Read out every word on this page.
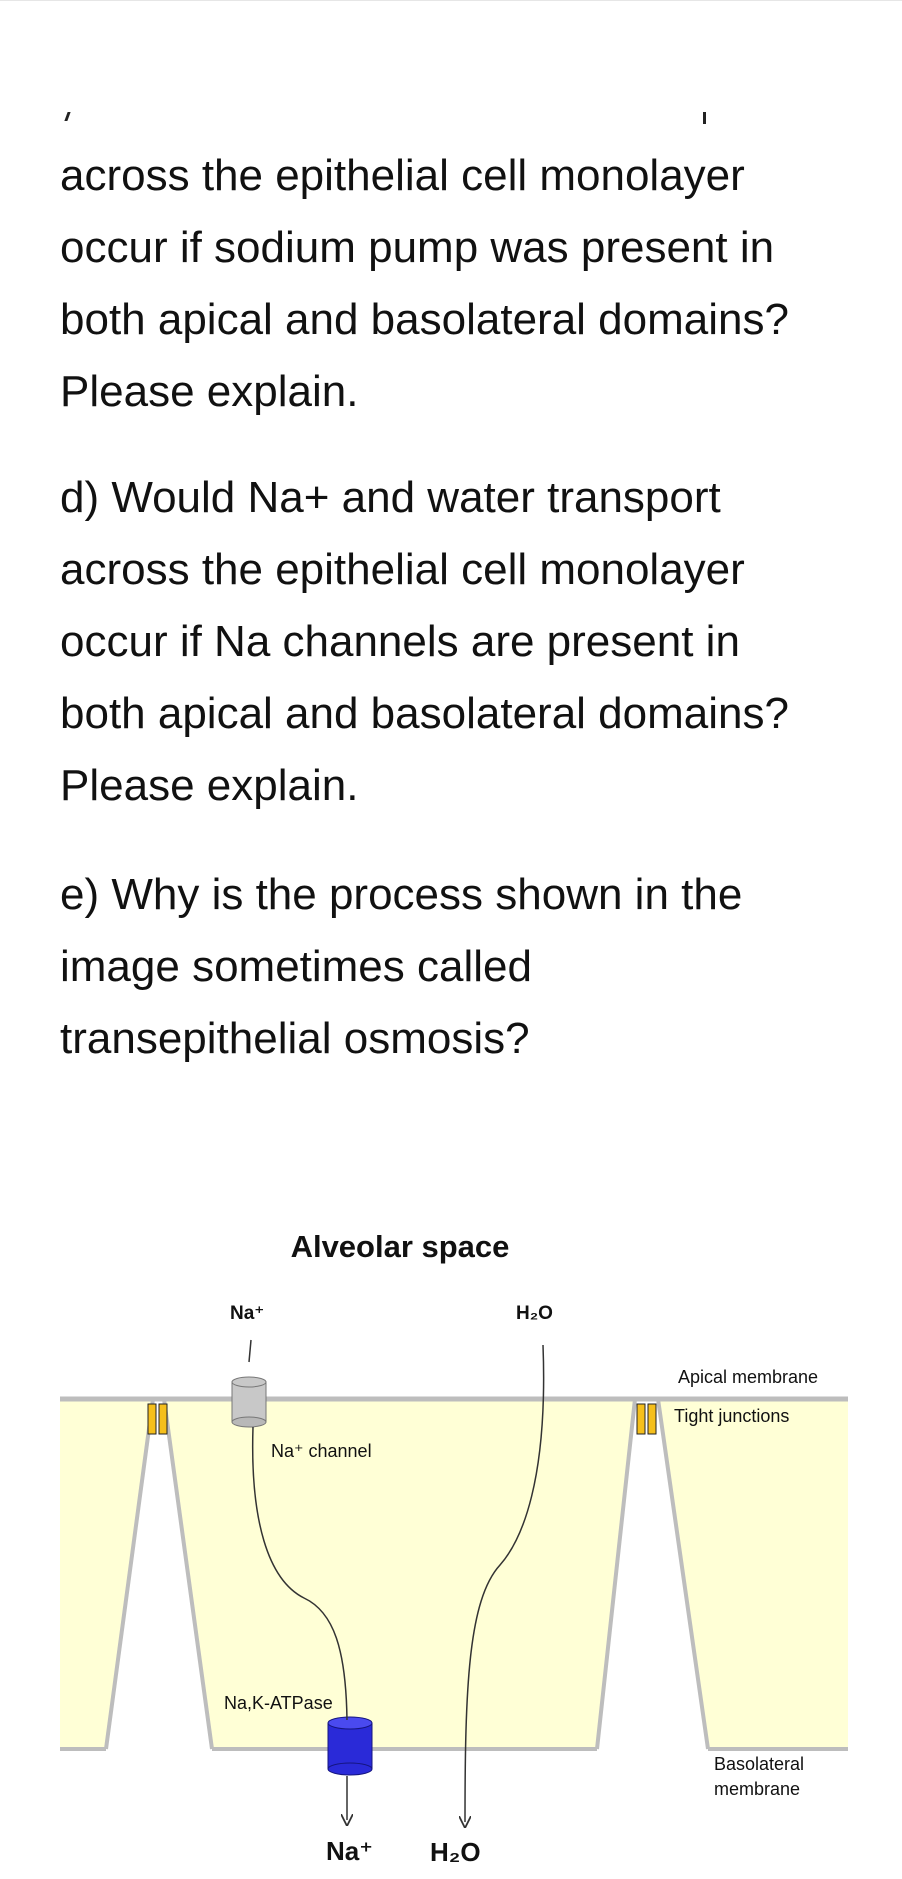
across the epithelial cell monolayer
occur if sodium pump was present in
both apical and basolateral domains?
Please explain.

d) Would Na+ and water transport
across the epithelial cell monolayer
occur if Na channels are present in
both apical and basolateral domains?
Please explain.

e) Why is the process shown in the
image sometimes called
transepithelial osmosis?

Alveolar space
Na⁺	H₂O
Apical membrane
Tight junctions
Na⁺ channel
Na,K-ATPase
Basolateral
membrane
Na⁺ H₂O
